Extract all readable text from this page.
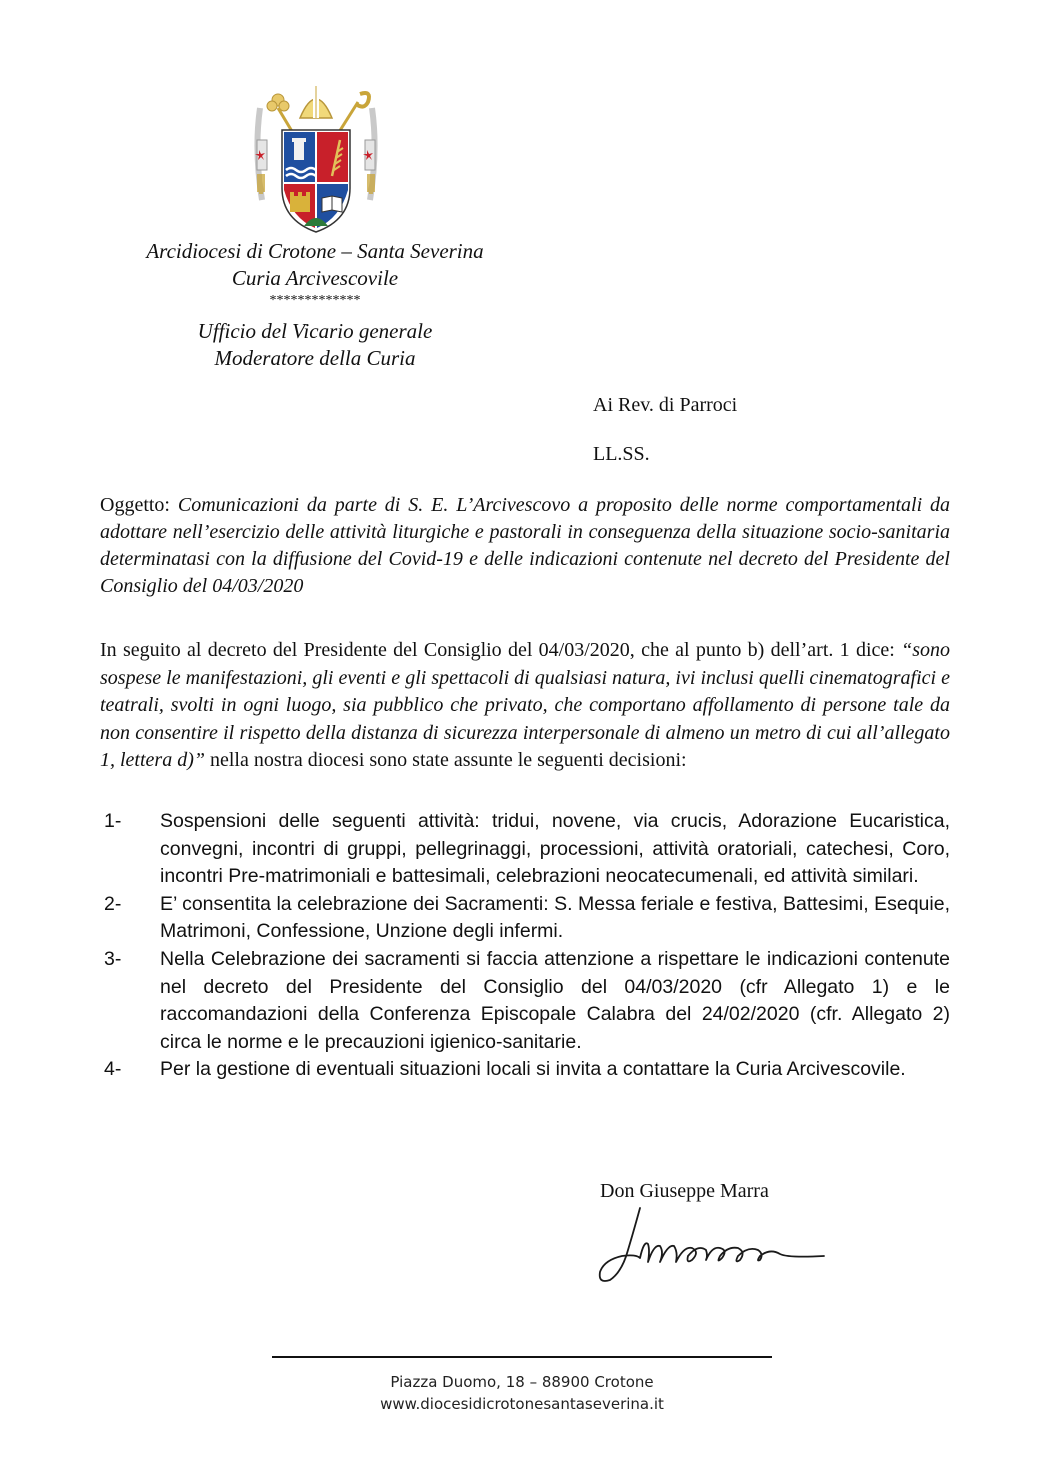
Arcidiocesi di Crotone – Santa Severina
Curia Arcivescovile
*************
Ufficio del Vicario generale
Moderatore della Curia
Ai Rev. di Parroci
LL.SS.
Oggetto: Comunicazioni da parte di S. E. L’Arcivescovo a proposito delle norme comportamentali da adottare nell’esercizio delle attività liturgiche e pastorali in conseguenza della situazione socio-sanitaria determinatasi con la diffusione del Covid-19 e delle indicazioni contenute nel decreto del Presidente del Consiglio del 04/03/2020
In seguito al decreto del Presidente del Consiglio del 04/03/2020, che al punto b) dell’art. 1 dice: “sono sospese le manifestazioni, gli eventi e gli spettacoli di qualsiasi natura, ivi inclusi quelli cinematografici e teatrali, svolti in ogni luogo, sia pubblico che privato, che comportano affollamento di persone tale da non consentire il rispetto della distanza di sicurezza interpersonale di almeno un metro di cui all’allegato 1, lettera d)” nella nostra diocesi sono state assunte le seguenti decisioni:
1- Sospensioni delle seguenti attività: tridui, novene, via crucis, Adorazione Eucaristica, convegni, incontri di gruppi, pellegrinaggi, processioni, attività oratoriali, catechesi, Coro, incontri Pre-matrimoniali e battesimali, celebrazioni neocatecumenali, ed attività similari.
2- E’ consentita la celebrazione dei Sacramenti: S. Messa feriale e festiva, Battesimi, Esequie, Matrimoni, Confessione, Unzione degli infermi.
3- Nella Celebrazione dei sacramenti si faccia attenzione a rispettare le indicazioni contenute nel decreto del Presidente del Consiglio del 04/03/2020 (cfr Allegato 1) e le raccomandazioni della Conferenza Episcopale Calabra del 24/02/2020 (cfr. Allegato 2) circa le norme e le precauzioni igienico-sanitarie.
4- Per la gestione di eventuali situazioni locali si invita a contattare la Curia Arcivescovile.
Don Giuseppe Marra
Piazza Duomo, 18 – 88900 Crotone
www.diocesidicrotonesantaseverina.it
